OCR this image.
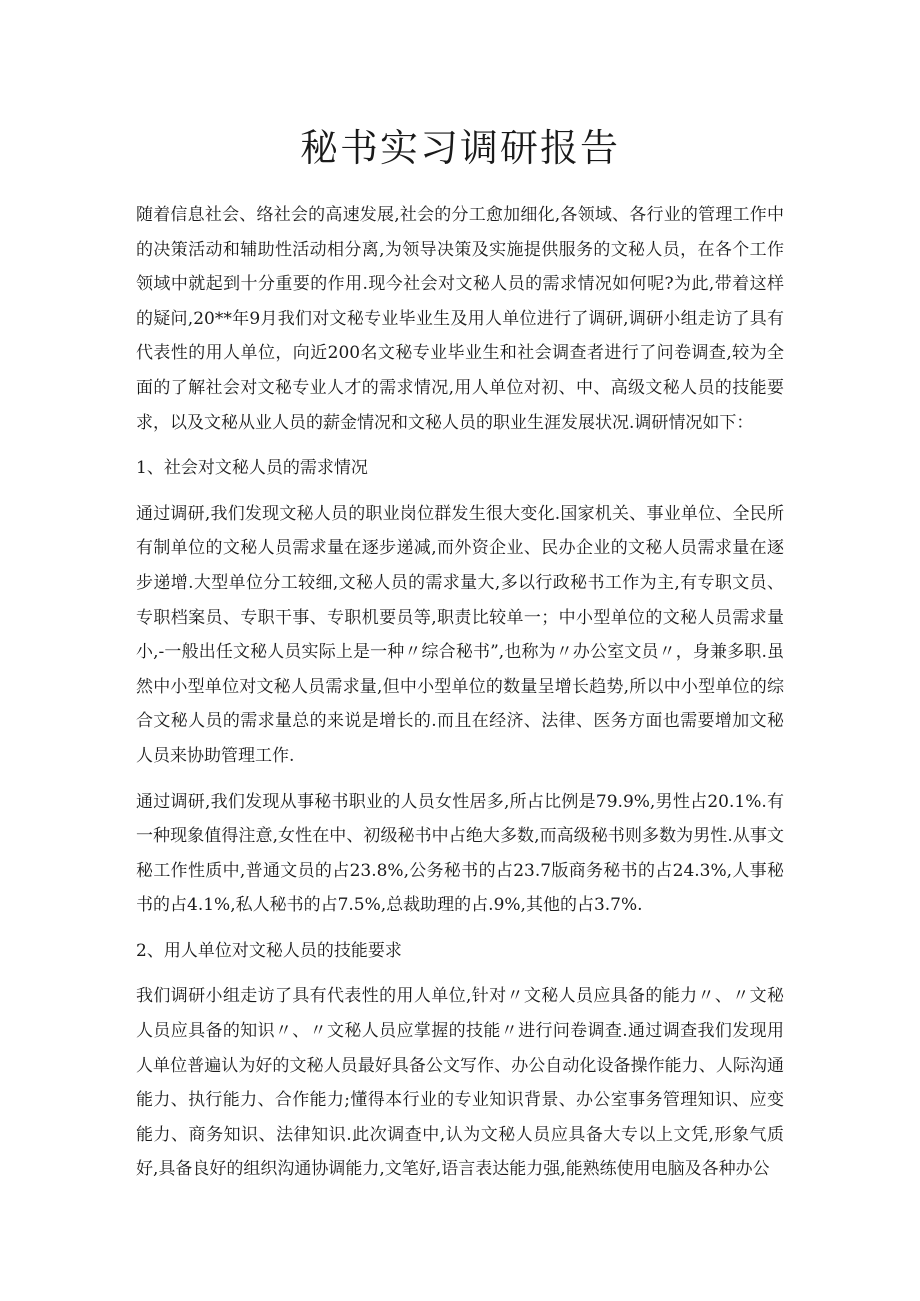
秘书实习调研报告

随着信息社会、络社会的高速发展,社会的分工愈加细化,各领域、各行业的管理工作中的决策活动和辅助性活动相分离,为领导决策及实施提供服务的文秘人员，在各个工作领域中就起到十分重要的作用.现今社会对文秘人员的需求情况如何呢?为此,带着这样的疑问,20**年9月我们对文秘专业毕业生及用人单位进行了调研,调研小组走访了具有代表性的用人单位，向近200名文秘专业毕业生和社会调查者进行了问卷调查,较为全面的了解社会对文秘专业人才的需求情况,用人单位对初、中、高级文秘人员的技能要求，以及文秘从业人员的薪金情况和文秘人员的职业生涯发展状况.调研情况如下：

1、社会对文秘人员的需求情况

通过调研,我们发现文秘人员的职业岗位群发生很大变化.国家机关、事业单位、全民所有制单位的文秘人员需求量在逐步递减,而外资企业、民办企业的文秘人员需求量在逐步递增.大型单位分工较细,文秘人员的需求量大,多以行政秘书工作为主,有专职文员、专职档案员、专职干事、专职机要员等,职责比较单一；中小型单位的文秘人员需求量小,-一般出任文秘人员实际上是一种〃综合秘书”,也称为〃办公室文员〃，身兼多职.虽然中小型单位对文秘人员需求量,但中小型单位的数量呈增长趋势,所以中小型单位的综合文秘人员的需求量总的来说是增长的.而且在经济、法律、医务方面也需要增加文秘人员来协助管理工作.

通过调研,我们发现从事秘书职业的人员女性居多,所占比例是79.9%,男性占20.1%.有一种现象值得注意,女性在中、初级秘书中占绝大多数,而高级秘书则多数为男性.从事文秘工作性质中,普通文员的占23.8%,公务秘书的占23.7版商务秘书的占24.3%,人事秘书的占4.1%,私人秘书的占7.5%,总裁助理的占.9%,其他的占3.7%.

2、用人单位对文秘人员的技能要求

我们调研小组走访了具有代表性的用人单位,针对〃文秘人员应具备的能力〃、〃文秘人员应具备的知识〃、〃文秘人员应掌握的技能〃进行问卷调查.通过调查我们发现用人单位普遍认为好的文秘人员最好具备公文写作、办公自动化设备操作能力、人际沟通能力、执行能力、合作能力;懂得本行业的专业知识背景、办公室事务管理知识、应变能力、商务知识、法律知识.此次调查中,认为文秘人员应具备大专以上文凭,形象气质好,具备良好的组织沟通协调能力,文笔好,语言表达能力强,能熟练使用电脑及各种办公
